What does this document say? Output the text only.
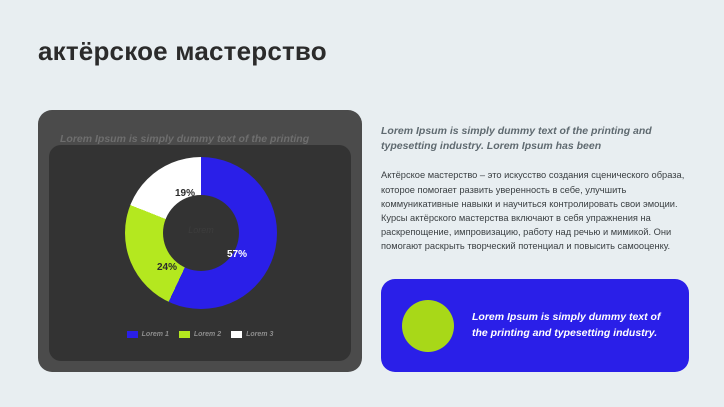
актёрское мастерство
Lorem Ipsum is simply dummy text of the printing
Lorem
57%
24%
19%
Lorem 1	Lorem 2	Lorem 3
Lorem Ipsum is simply dummy text of the printing and typesetting industry. Lorem Ipsum has been
Актёрское мастерство – это искусство создания сценического образа, которое помогает развить уверенность в себе, улучшить коммуникативные навыки и научиться контролировать свои эмоции. Курсы актёрского мастерства включают в себя упражнения на раскрепощение, импровизацию, работу над речью и мимикой. Они помогают раскрыть творческий потенциал и повысить самооценку.
Lorem Ipsum is simply dummy text of the printing and typesetting industry.
